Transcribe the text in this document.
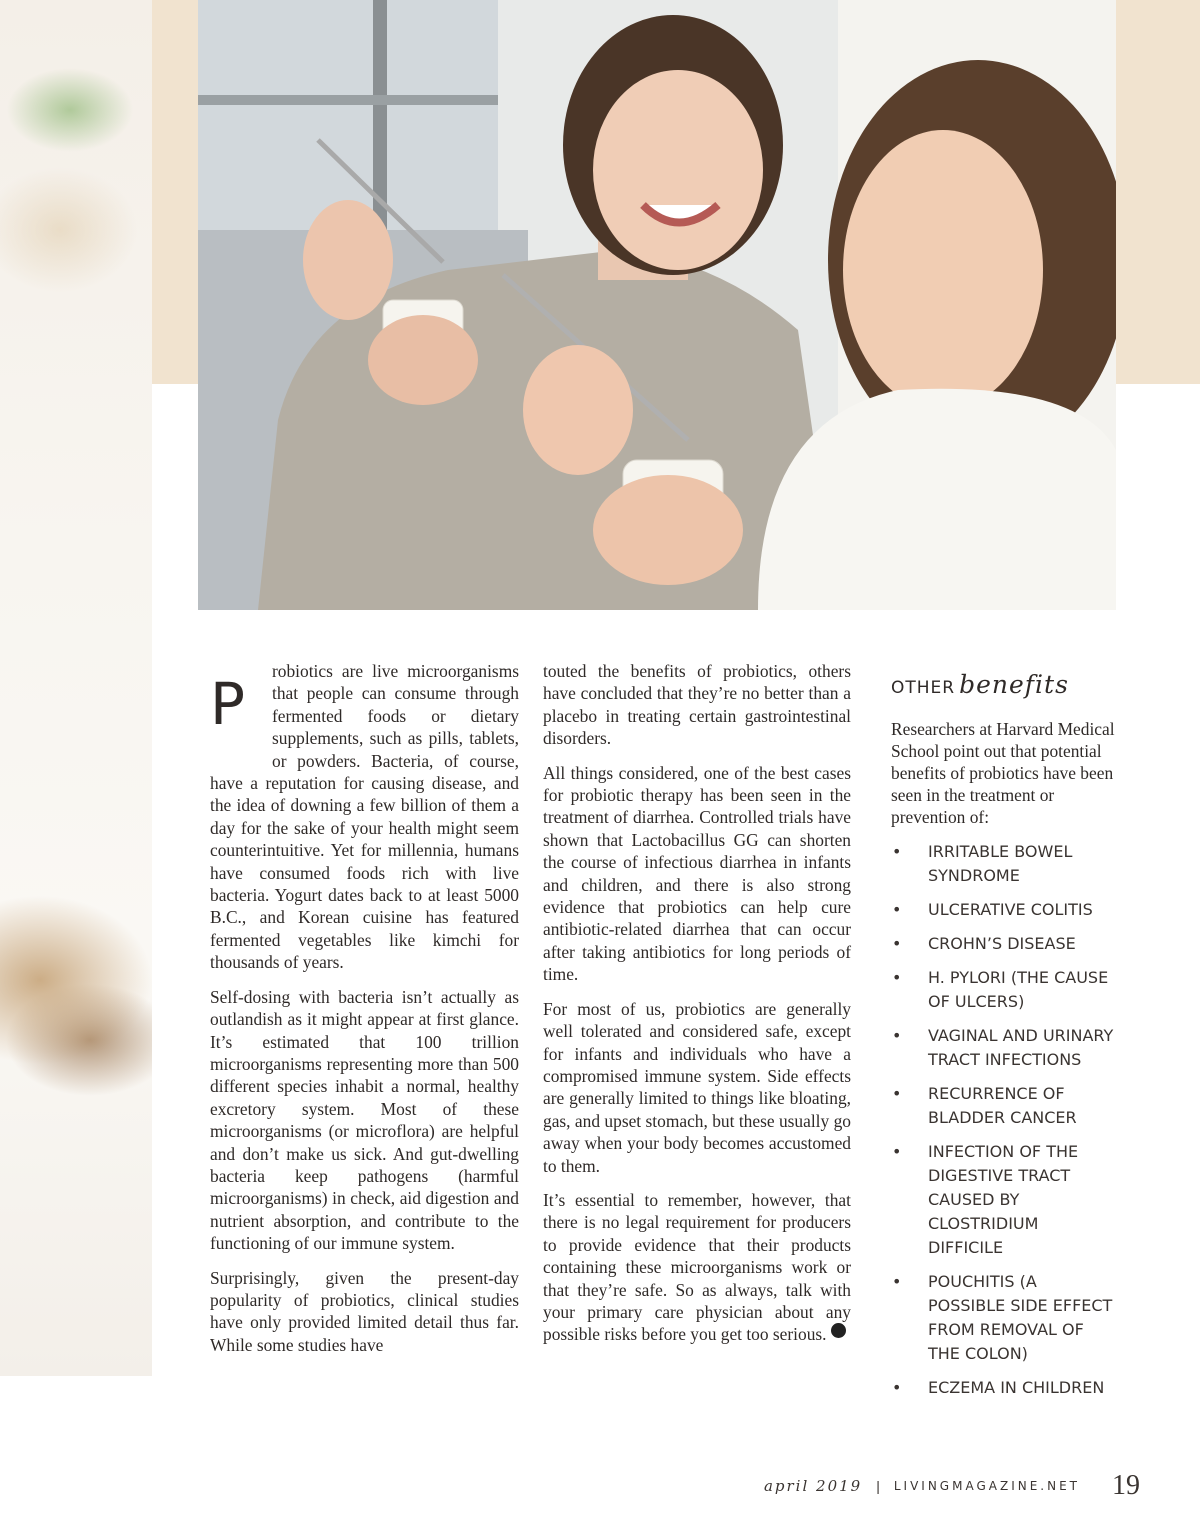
P	robiotics are live microorganisms that people can consume through fermented foods or dietary supplements, such as pills, tablets, or powders. Bacteria, of course, have a reputation for causing disease, and the idea of downing a few billion of them a day for the sake of your health might seem counterintuitive. Yet for millennia, humans have consumed foods rich with live bacteria. Yogurt dates back to at least 5000 B.C., and Korean cuisine has featured fermented vegetables like kimchi for thousands of years.

Self-dosing with bacteria isn’t actually as outlandish as it might appear at first glance. It’s estimated that 100 trillion microorganisms representing more than 500 different species inhabit a normal, healthy excretory system. Most of these microorganisms (or microflora) are helpful and don’t make us sick. And gut-dwelling bacteria keep pathogens (harmful microorganisms) in check, aid digestion and nutrient absorption, and contribute to the functioning of our immune system.

Surprisingly, given the present-day popularity of probiotics, clinical studies have only provided limited detail thus far. While some studies have

touted the benefits of probiotics, others have concluded that they’re no better than a placebo in treating certain gastrointestinal disorders.

All things considered, one of the best cases for probiotic therapy has been seen in the treatment of diarrhea. Controlled trials have shown that Lactobacillus GG can shorten the course of infectious diarrhea in infants and children, and there is also strong evidence that probiotics can help cure antibiotic-related diarrhea that can occur after taking antibiotics for long periods of time.

For most of us, probiotics are generally well tolerated and considered safe, except for infants and individuals who have a compromised immune system. Side effects are generally limited to things like bloating, gas, and upset stomach, but these usually go away when your body becomes accustomed to them.

It’s essential to remember, however, that there is no legal requirement for producers to provide evidence that their products containing these microorganisms work or that they’re safe. So as always, talk with your primary care physician about any possible risks before you get too serious.

OTHER benefits

Researchers at Harvard Medical School point out that potential benefits of probiotics have been seen in the treatment or prevention of:

• IRRITABLE BOWEL SYNDROME
• ULCERATIVE COLITIS
• CROHN’S DISEASE
• H. PYLORI (THE CAUSE OF ULCERS)
• VAGINAL AND URINARY TRACT INFECTIONS
• RECURRENCE OF BLADDER CANCER
• INFECTION OF THE DIGESTIVE TRACT CAUSED BY CLOSTRIDIUM DIFFICILE
• POUCHITIS (A POSSIBLE SIDE EFFECT FROM REMOVAL OF THE COLON)
• ECZEMA IN CHILDREN
april 2019 | LIVINGMAGAZINE.NET 19
